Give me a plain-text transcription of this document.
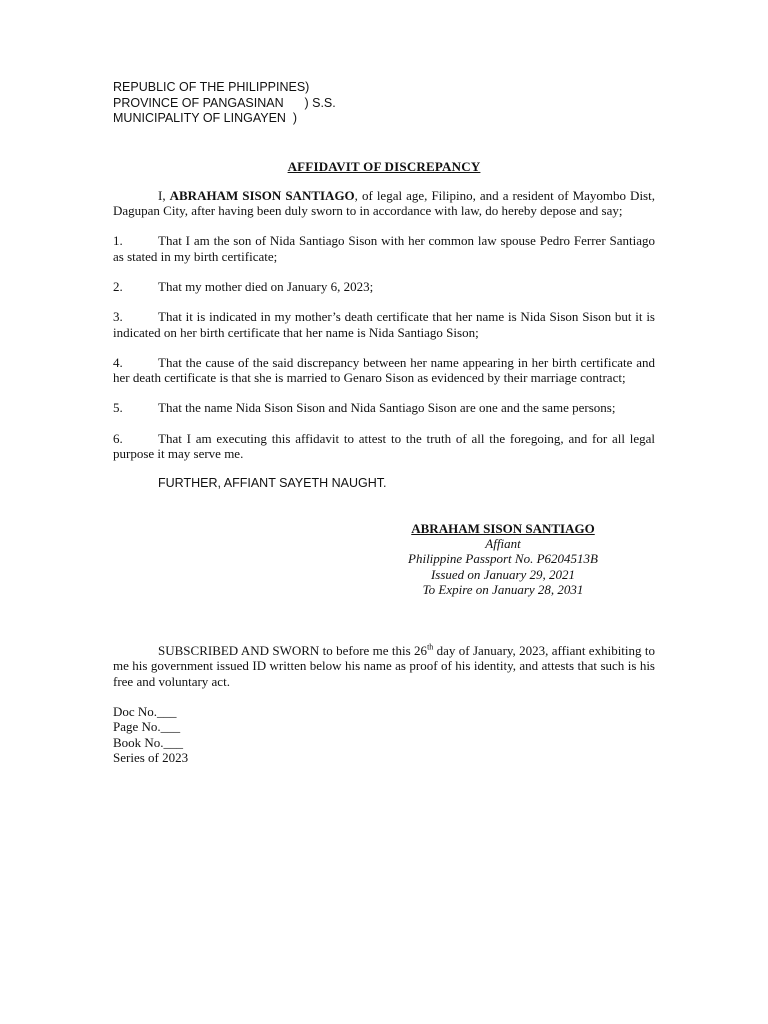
REPUBLIC OF THE PHILIPPINES)
PROVINCE OF PANGASINAN      ) S.S.
MUNICIPALITY OF LINGAYEN  )
AFFIDAVIT OF DISCREPANCY
I, ABRAHAM SISON SANTIAGO, of legal age, Filipino, and a resident of Mayombo Dist, Dagupan City, after having been duly sworn to in accordance with law, do hereby depose and say;
1.	That I am the son of Nida Santiago Sison with her common law spouse Pedro Ferrer Santiago as stated in my birth certificate;
2.	That my mother died on January 6, 2023;
3.	That it is indicated in my mother’s death certificate that her name is Nida Sison Sison but it is indicated on her birth certificate that her name is Nida Santiago Sison;
4.	That the cause of the said discrepancy between her name appearing in her birth certificate and her death certificate is that she is married to Genaro Sison as evidenced by their marriage contract;
5.	That the name Nida Sison Sison and Nida Santiago Sison are one and the same persons;
6.	That I am executing this affidavit to attest to the truth of all the foregoing, and for all legal purpose it may serve me.
FURTHER, AFFIANT SAYETH NAUGHT.
ABRAHAM SISON SANTIAGO
Affiant
Philippine Passport No. P6204513B
Issued on January 29, 2021
To Expire on January 28, 2031
SUBSCRIBED AND SWORN to before me this 26th day of January, 2023, affiant exhibiting to me his government issued ID written below his name as proof of his identity, and attests that such is his free and voluntary act.
Doc No.___
Page No.___
Book No.___
Series of 2023
